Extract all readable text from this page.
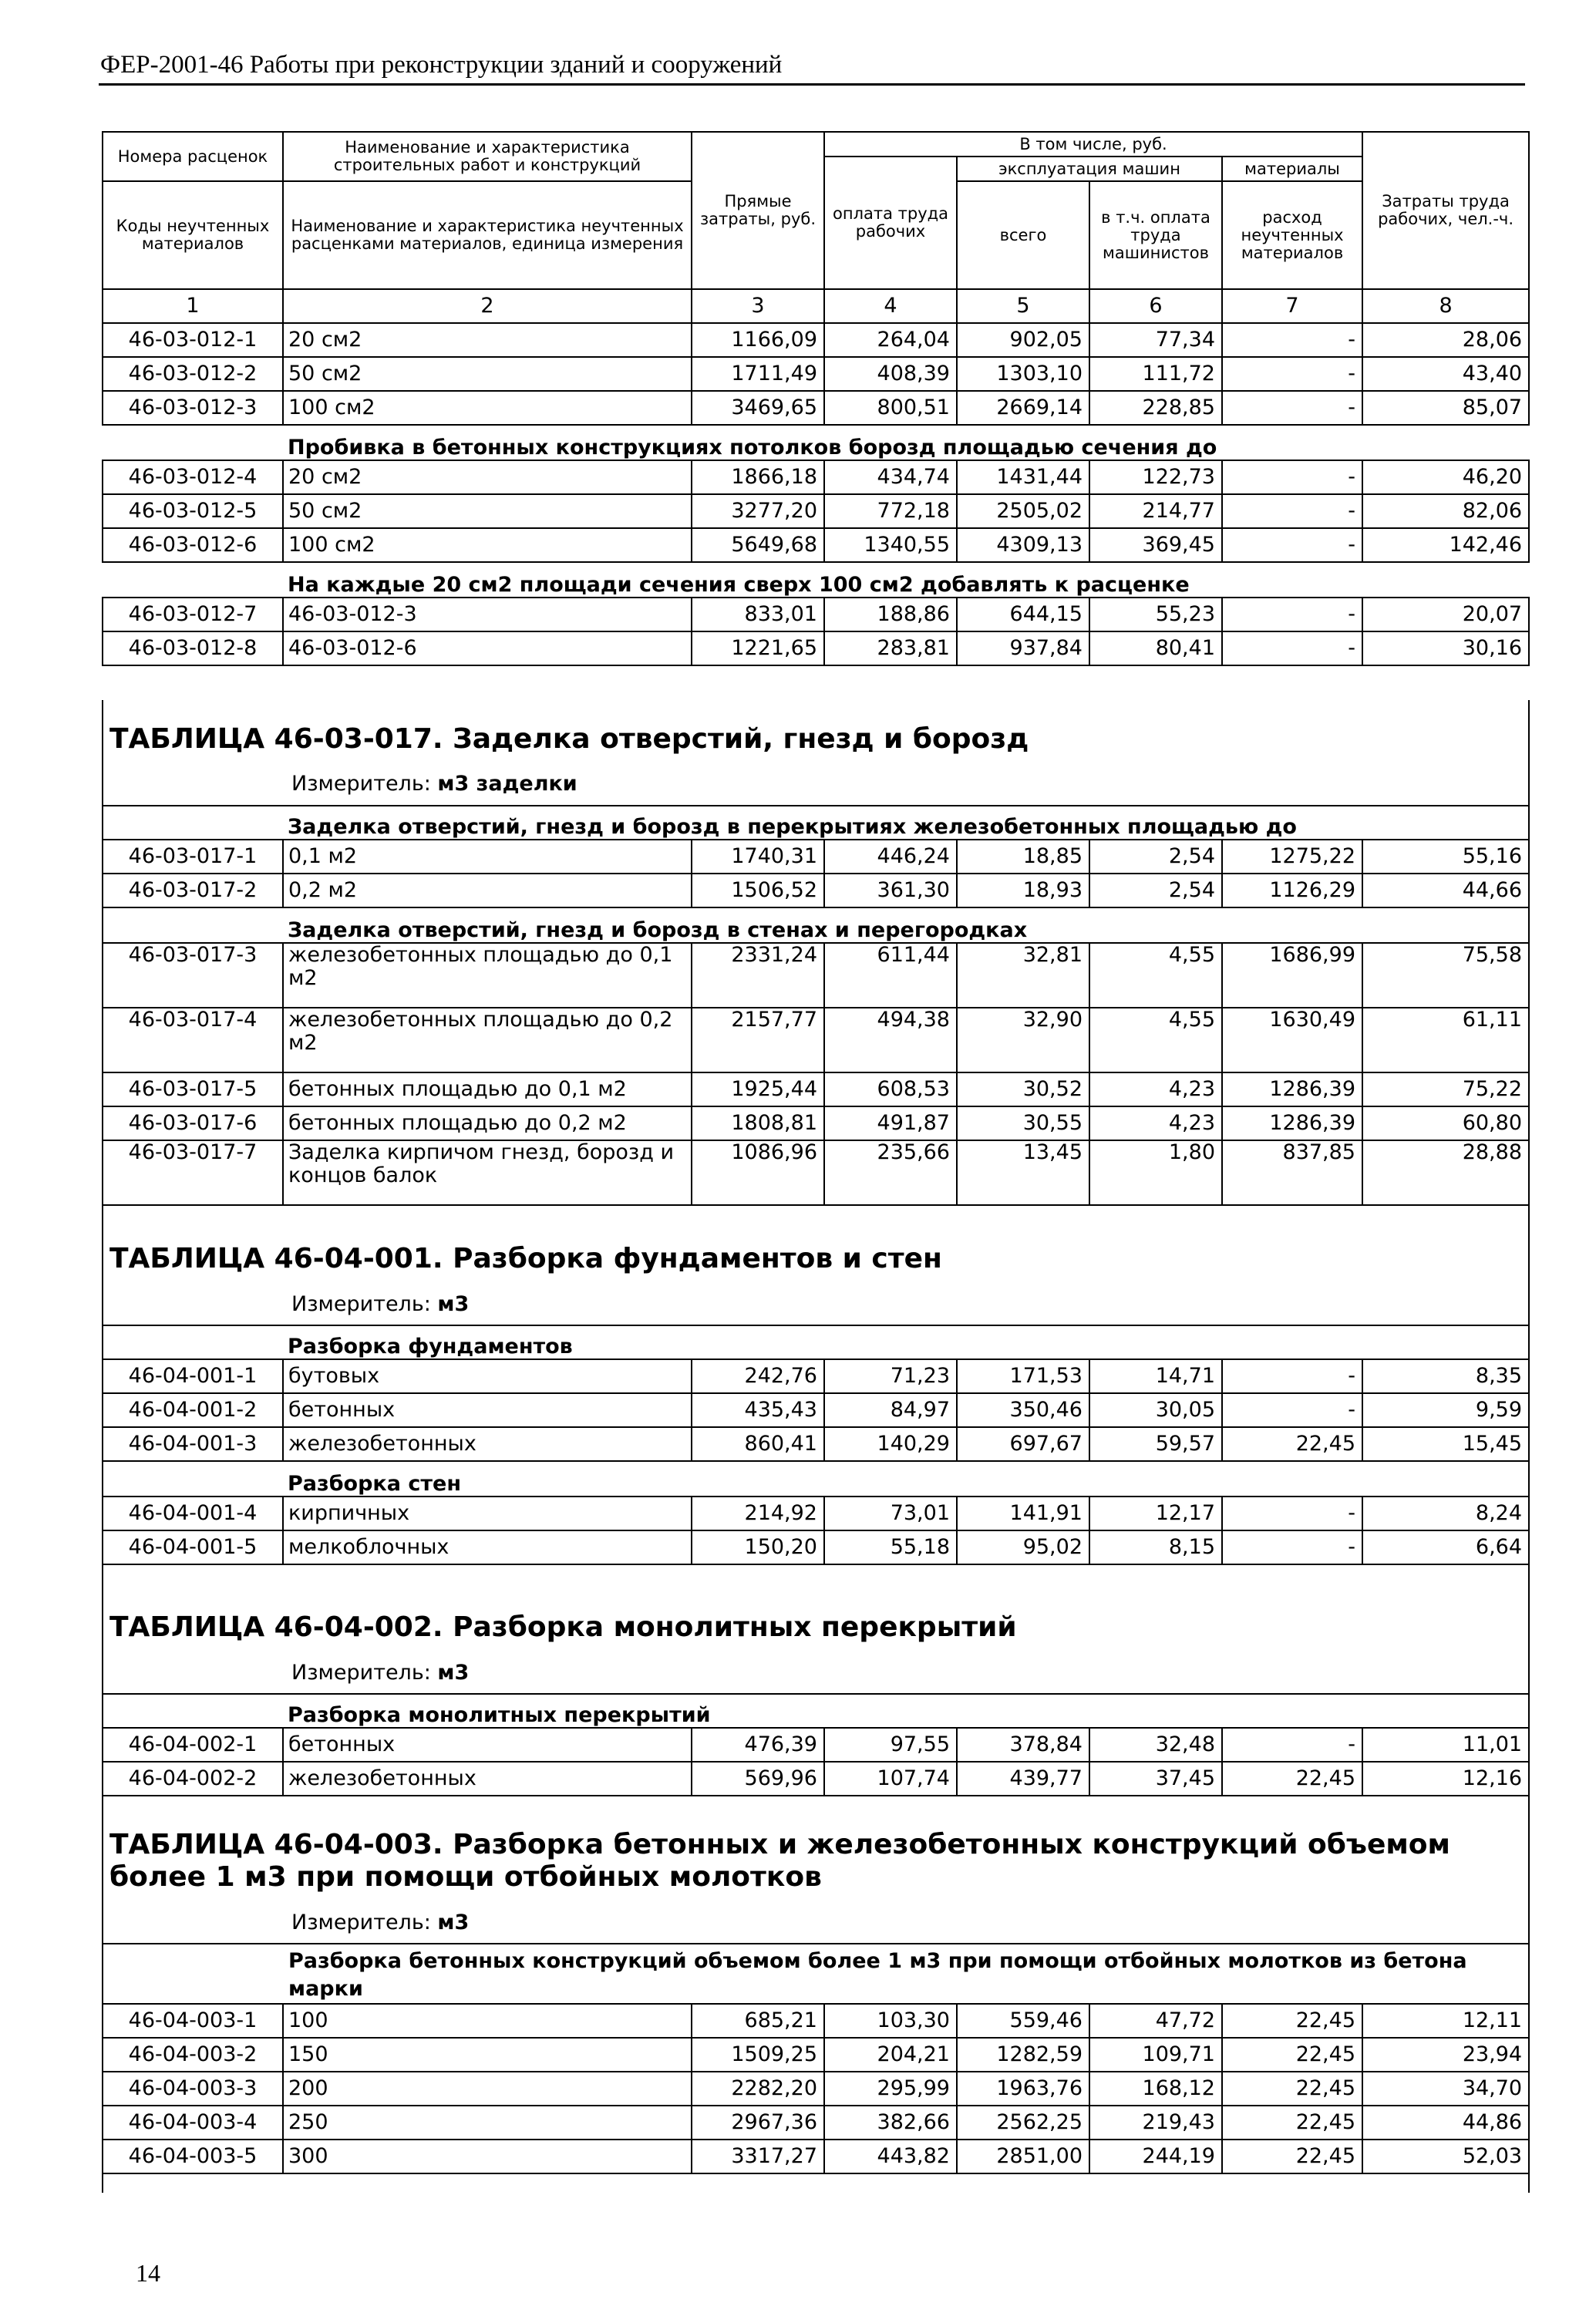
ФЕР-2001-46 Работы при реконструкции зданий и сооружений
Номера расценок	Наименование и характеристика строительных работ и конструкций	Прямые затраты, руб.	В том числе, руб.				Затраты труда рабочих, чел.-ч.
			оплата труда рабочих	эксплуатация машин		материалы	
Коды неучтенных материалов	Наименование и характеристика неучтенных расценками материалов, единица измерения			всего	в т.ч. оплата труда машинистов	расход неучтенных материалов	

1	2	3	4	5	6	7	8
46-03-012-1	20 см2	1166,09	264,04	902,05	77,34	-	28,06
46-03-012-2	50 см2	1711,49	408,39	1303,10	111,72	-	43,40
46-03-012-3	100 см2	3469,65	800,51	2669,14	228,85	-	85,07
Пробивка в бетонных конструкциях потолков борозд площадью сечения до							
46-03-012-4	20 см2	1866,18	434,74	1431,44	122,73	-	46,20
46-03-012-5	50 см2	3277,20	772,18	2505,02	214,77	-	82,06
46-03-012-6	100 см2	5649,68	1340,55	4309,13	369,45	-	142,46
На каждые 20 см2 площади сечения сверх 100 см2 добавлять к расценке							
46-03-012-7	46-03-012-3	833,01	188,86	644,15	55,23	-	20,07
46-03-012-8	46-03-012-6	1221,65	283,81	937,84	80,41	-	30,16
ТАБЛИЦА 46-03-017. Заделка отверстий, гнезд и борозд
Измеритель: м3 заделки
Заделка отверстий, гнезд и борозд в перекрытиях железобетонных площадью до							
46-03-017-1	0,1 м2	1740,31	446,24	18,85	2,54	1275,22	55,16
46-03-017-2	0,2 м2	1506,52	361,30	18,93	2,54	1126,29	44,66
Заделка отверстий, гнезд и борозд в стенах и перегородках							
46-03-017-3	железобетонных площадью до 0,1 м2	2331,24	611,44	32,81	4,55	1686,99	75,58
46-03-017-4	железобетонных площадью до 0,2 м2	2157,77	494,38	32,90	4,55	1630,49	61,11
46-03-017-5	бетонных площадью до 0,1 м2	1925,44	608,53	30,52	4,23	1286,39	75,22
46-03-017-6	бетонных площадью до 0,2 м2	1808,81	491,87	30,55	4,23	1286,39	60,80
46-03-017-7	Заделка кирпичом гнезд, борозд и концов балок	1086,96	235,66	13,45	1,80	837,85	28,88
ТАБЛИЦА 46-04-001. Разборка фундаментов и стен
Измеритель: м3
Разборка фундаментов							
46-04-001-1	бутовых	242,76	71,23	171,53	14,71	-	8,35
46-04-001-2	бетонных	435,43	84,97	350,46	30,05	-	9,59
46-04-001-3	железобетонных	860,41	140,29	697,67	59,57	22,45	15,45
Разборка стен							
46-04-001-4	кирпичных	214,92	73,01	141,91	12,17	-	8,24
46-04-001-5	мелкоблочных	150,20	55,18	95,02	8,15	-	6,64
ТАБЛИЦА 46-04-002. Разборка монолитных перекрытий
Измеритель: м3
Разборка монолитных перекрытий							
46-04-002-1	бетонных	476,39	97,55	378,84	32,48	-	11,01
46-04-002-2	железобетонных	569,96	107,74	439,77	37,45	22,45	12,16
ТАБЛИЦА 46-04-003. Разборка бетонных и железобетонных конструкций объемом более 1 м3 при помощи отбойных молотков
Измеритель: м3
Разборка бетонных конструкций объемом более 1 м3 при помощи отбойных молотков из бетона марки							
46-04-003-1	100	685,21	103,30	559,46	47,72	22,45	12,11
46-04-003-2	150	1509,25	204,21	1282,59	109,71	22,45	23,94
46-04-003-3	200	2282,20	295,99	1963,76	168,12	22,45	34,70
46-04-003-4	250	2967,36	382,66	2562,25	219,43	22,45	44,86
46-04-003-5	300	3317,27	443,82	2851,00	244,19	22,45	52,03
14
